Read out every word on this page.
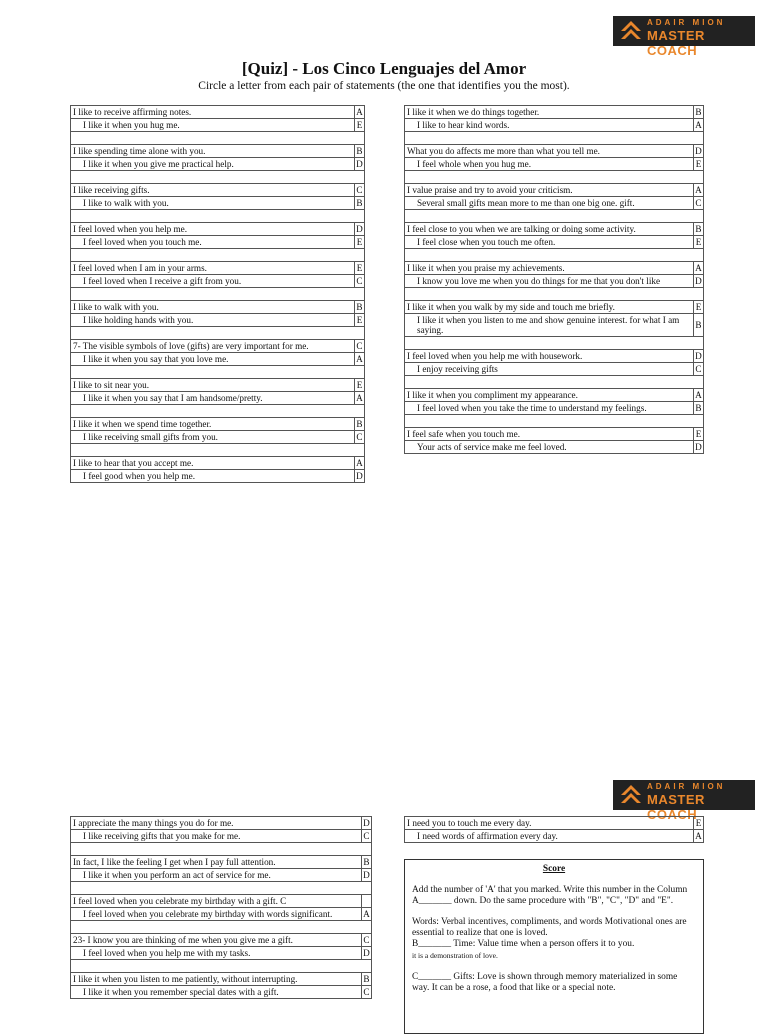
ADAIR MION
MASTER COACH
[Quiz] - Los Cinco Lenguajes del Amor
Circle a letter from each pair of statements (the one that identifies you the most).
I like to receive affirming notes.	A
I like it when you hug me.	E

I like spending time alone with you.	B
I like it when you give me practical help.	D

I like receiving gifts.	C
I like to walk with you.	B

I feel loved when you help me.	D
I feel loved when you touch me.	E

I feel loved when I am in your arms.	E
I feel loved when I receive a gift from you.	C

I like to walk with you.	B
I like holding hands with you.	E

7- The visible symbols of love (gifts) are very important for me.	C
I like it when you say that you love me.	A

I like to sit near you.	E
I like it when you say that I am handsome/pretty.	A

I like it when we spend time together.	B
I like receiving small gifts from you.	C

I like to hear that you accept me.	A
I feel good when you help me.	D
I like it when we do things together.	B
I like to hear kind words.	A

What you do affects me more than what you tell me.	D
I feel whole when you hug me.	E

I value praise and try to avoid your criticism.	A
Several small gifts mean more to me than one big one. gift.	C

I feel close to you when we are talking or doing some activity.	B
I feel close when you touch me often.	E

I like it when you praise my achievements.	A
I know you love me when you do things for me that you don't like	D

I like it when you walk by my side and touch me briefly.	E
I like it when you listen to me and show genuine interest. for what I am saying.	B

I feel loved when you help me with housework.	D
I enjoy receiving gifts	C

I like it when you compliment my appearance.	A
I feel loved when you take the time to understand my feelings.	B

I feel safe when you touch me.	E
Your acts of service make me feel loved.	D
ADAIR MION
MASTER COACH
I appreciate the many things you do for me.	D
I like receiving gifts that you make for me.	C

In fact, I like the feeling I get when I pay full attention.	B
I like it when you perform an act of service for me.	D

I feel loved when you celebrate my birthday with a gift. C	
I feel loved when you celebrate my birthday with words significant.	A

23- I know you are thinking of me when you give me a gift.	C
I feel loved when you help me with my tasks.	D

I like it when you listen to me patiently, without interrupting.	B
I like it when you remember special dates with a gift.	C
I need you to touch me every day.	E
I need words of affirmation every day.	A
Score

Add the number of 'A' that you marked. Write this number in the Column A_______ down. Do the same procedure with "B", "C", "D" and "E".

Words: Verbal incentives, compliments, and words Motivational ones are essential to realize that one is loved.
B_______ Time: Value time when a person offers it to you.
it is a demonstration of love.

C_______ Gifts: Love is shown through memory materialized in some way. It can be a rose, a food that like or a special note.
